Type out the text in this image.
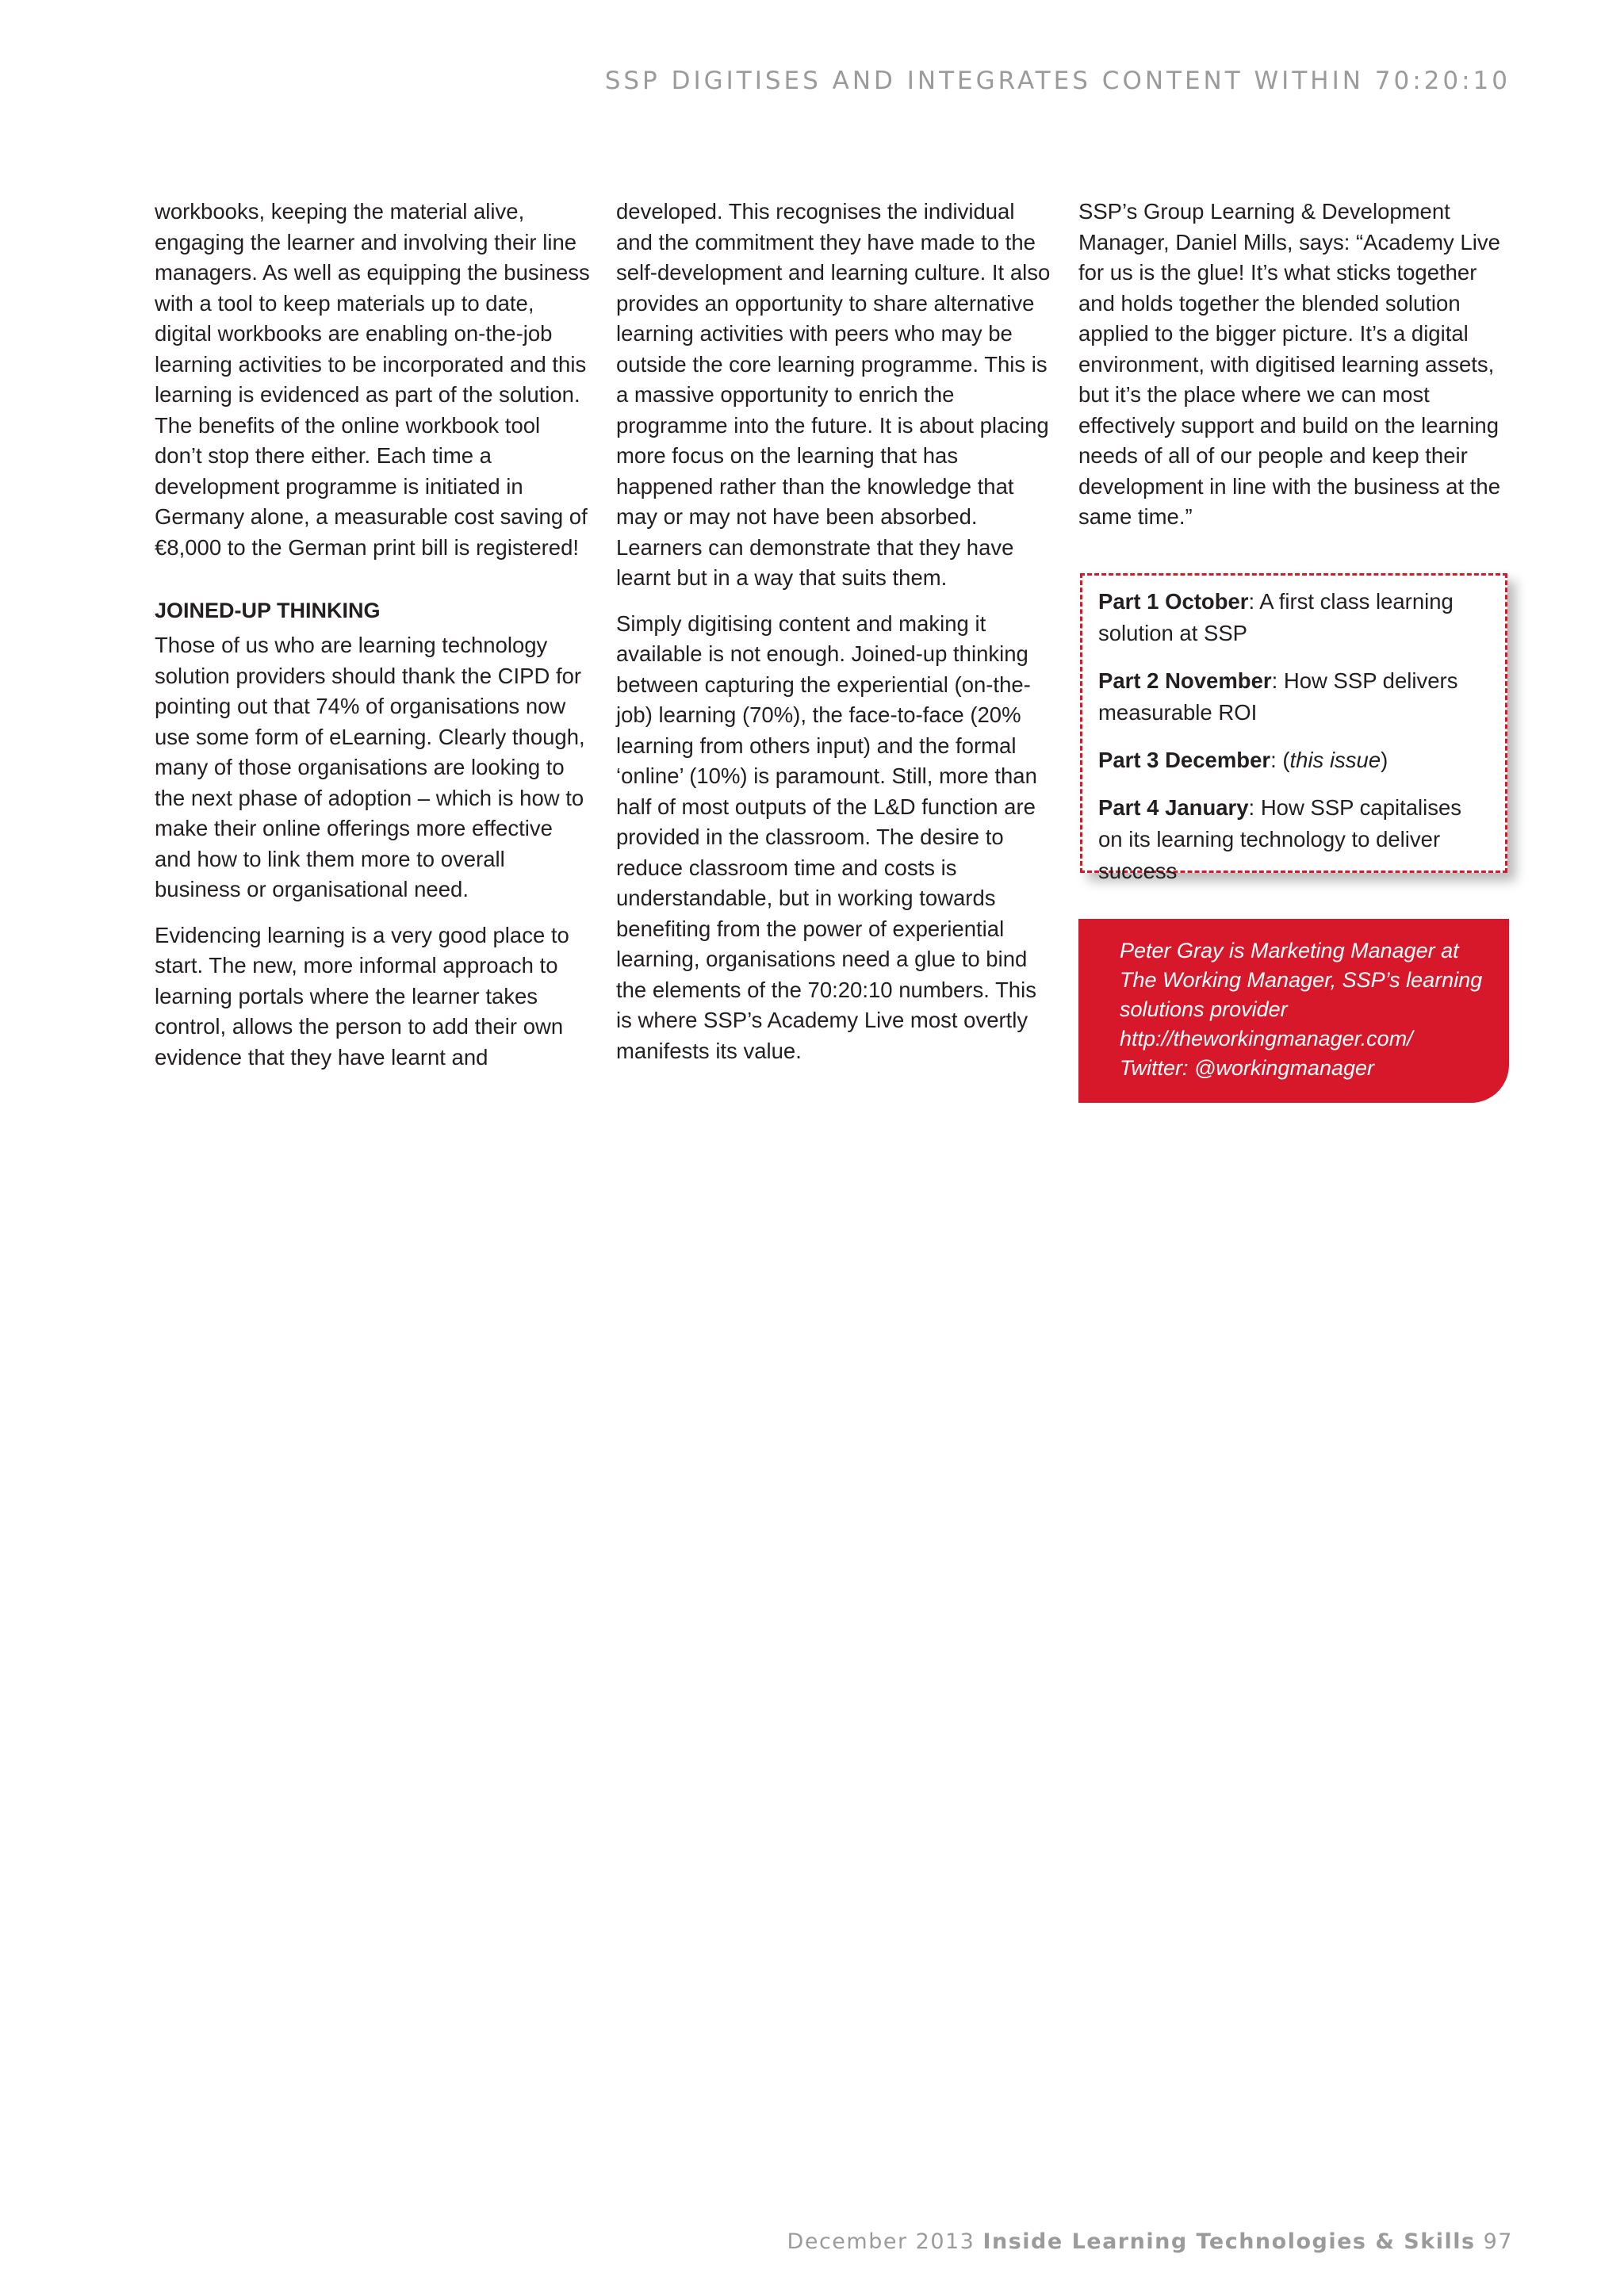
SSP DIGITISES AND INTEGRATES CONTENT WITHIN 70:20:10

workbooks, keeping the material alive, engaging the learner and involving their line managers. As well as equipping the business with a tool to keep materials up to date, digital workbooks are enabling on-the-job learning activities to be incorporated and this learning is evidenced as part of the solution. The benefits of the online workbook tool don’t stop there either. Each time a development programme is initiated in Germany alone, a measurable cost saving of €8,000 to the German print bill is registered!

JOINED-UP THINKING

Those of us who are learning technology solution providers should thank the CIPD for pointing out that 74% of organisations now use some form of eLearning. Clearly though, many of those organisations are looking to the next phase of adoption – which is how to make their online offerings more effective and how to link them more to overall business or organisational need.

Evidencing learning is a very good place to start. The new, more informal approach to learning portals where the learner takes control, allows the person to add their own evidence that they have learnt and

developed. This recognises the individual and the commitment they have made to the self-development and learning culture. It also provides an opportunity to share alternative learning activities with peers who may be outside the core learning programme. This is a massive opportunity to enrich the programme into the future. It is about placing more focus on the learning that has happened rather than the knowledge that may or may not have been absorbed. Learners can demonstrate that they have learnt but in a way that suits them.

Simply digitising content and making it available is not enough. Joined-up thinking between capturing the experiential (on-the-job) learning (70%), the face-to-face (20% learning from others input) and the formal ‘online’ (10%) is paramount. Still, more than half of most outputs of the L&D function are provided in the classroom. The desire to reduce classroom time and costs is understandable, but in working towards benefiting from the power of experiential learning, organisations need a glue to bind the elements of the 70:20:10 numbers. This is where SSP’s Academy Live most overtly manifests its value.

SSP’s Group Learning & Development Manager, Daniel Mills, says: “Academy Live for us is the glue! It’s what sticks together and holds together the blended solution applied to the bigger picture. It’s a digital environment, with digitised learning assets, but it’s the place where we can most effectively support and build on the learning needs of all of our people and keep their development in line with the business at the same time.”

Part 1 October: A first class learning solution at SSP
Part 2 November: How SSP delivers measurable ROI
Part 3 December: (this issue)
Part 4 January: How SSP capitalises on its learning technology to deliver success
Peter Gray is Marketing Manager at The Working Manager, SSP’s learning solutions provider
http://theworkingmanager.com/
Twitter: @workingmanager
December 2013 Inside Learning Technologies & Skills 97
